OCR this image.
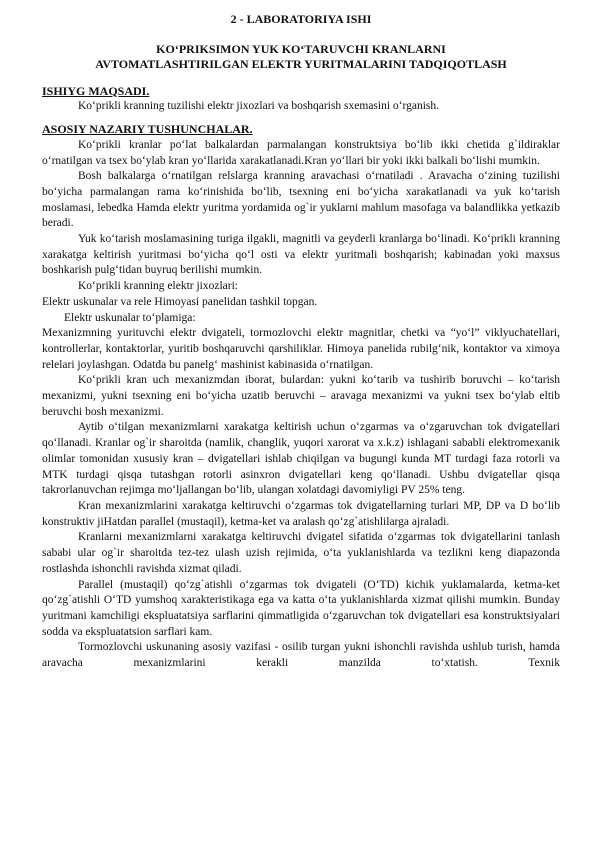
2 - LABORATORIYA ISHI
KO‘PRIKSIMON YUK KO‘TARUVCHI KRANLARNI
AVTOMATLASHTIRILGAN ELEKTR YURITMALARINI TADQIQOTLASH
ISHIYG MAQSADI.

Ko‘prikli kranning tuzilishi elektr jixozlari va boshqarish sxemasini o‘rganish.

ASOSIY NAZARIY TUSHUNCHALAR.

Ko‘prikli kranlar po‘lat balkalardan parmalangan konstruktsiya bo‘lib ikki chetida g`ildiraklar o‘rnatilgan va tsex bo‘ylab kran yo‘llarida xarakatlanadi.Kran yo‘llari bir yoki ikki balkali bo‘lishi mumkin.

Bosh balkalarga o‘rnatilgan relslarga kranning aravachasi o‘rnatiladi . Aravacha o‘zining tuzilishi bo‘yicha parmalangan rama ko‘rinishida bo‘lib, tsexning eni bo‘yicha xarakatlanadi va yuk ko‘tarish moslamasi, lebedka Hamda elektr yuritma yordamida og`ir yuklarni mahlum masofaga va balandlikka yetkazib beradi.

Yuk ko‘tarish moslamasining turiga ilgakli, magnitli va geyderli kranlarga bo‘linadi. Ko‘prikli kranning xarakatga keltirish yuritmasi bo‘yicha qo‘l osti va elektr yuritmali boshqarish; kabinadan yoki maxsus boshkarish pulg‘tidan buyruq berilishi mumkin.

Ko‘prikli kranning elektr jixozlari:

Elektr uskunalar va rele Himoyasi panelidan tashkil topgan.

Elektr uskunalar to‘plamiga:

Mexanizmning yurituvchi elektr dvigateli, tormozlovchi elektr magnitlar, chetki va “yo‘l” viklyuchatellari, kontrollerlar, kontaktorlar, yuritib boshqaruvchi qarshiliklar. Himoya panelida rubilg‘nik, kontaktor va ximoya relelari joylashgan. Odatda bu panelg‘ mashinist kabinasida o‘rnatilgan.

Ko‘prikli kran uch mexanizmdan iborat, bulardan: yukni ko‘tarib va tushirib boruvchi – ko‘tarish mexanizmi, yukni tsexning eni bo‘yicha uzatib beruvchi – aravaga mexanizmi va yukni tsex bo‘ylab eltib beruvchi bosh mexanizmi.

Aytib o‘tilgan mexanizmlarni xarakatga keltirish uchun o‘zgarmas va o‘zgaruvchan tok dvigatellari qo‘llanadi. Kranlar og`ir sharoitda (namlik, changlik, yuqori xarorat va x.k.z) ishlagani sababli elektromexanik olimlar tomonidan xususiy kran – dvigatellari ishlab chiqilgan va bugungi kunda MT turdagi faza rotorli va MTK turdagi qisqa tutashgan rotorli asinxron dvigatellari keng qo‘llanadi. Ushbu dvigatellar qisqa takrorlanuvchan rejimga mo‘ljallangan bo‘lib, ulangan xolatdagi davomiyligi PV 25% teng.

Kran mexanizmlarini xarakatga keltiruvchi o‘zgarmas tok dvigatellarning turlari MP, DP va D bo‘lib konstruktiv jiHatdan parallel (mustaqil), ketma-ket va aralash qo‘zg`atishlilarga ajraladi.

Kranlarni mexanizmlarni xarakatga keltiruvchi dvigatel sifatida o‘zgarmas tok dvigatellarini tanlash sababi ular og`ir sharoitda tez-tez ulash uzish rejimida, o‘ta yuklanishlarda va tezlikni keng diapazonda rostlashda ishonchli ravishda xizmat qiladi.

Parallel (mustaqil) qo‘zg`atishli o‘zgarmas tok dvigateli (O‘TD) kichik yuklamalarda, ketma-ket qo‘zg`atishli O‘TD yumshoq xarakteristikaga ega va katta o‘ta yuklanishlarda xizmat qilishi mumkin. Bunday yuritmani kamchiligi ekspluatatsiya sarflarini qimmatligida o‘zgaruvchan tok dvigatellari esa konstruktsiyalari sodda va ekspluatatsion sarflari kam.

Tormozlovchi uskunaning asosiy vazifasi - osilib turgan yukni ishonchli ravishda ushlub turish, hamda aravacha mexanizmlarini kerakli manzilda to‘xtatish. Texnik
